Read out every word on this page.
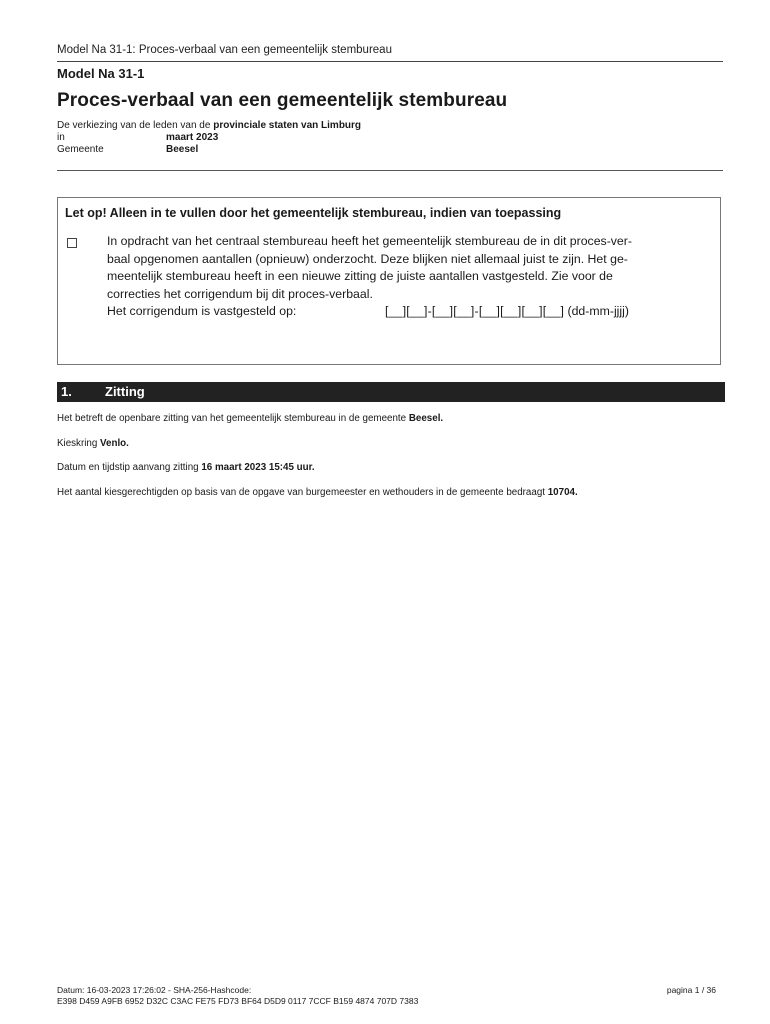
Model Na 31-1: Proces-verbaal van een gemeentelijk stembureau
Model Na 31-1
Proces-verbaal van een gemeentelijk stembureau
De verkiezing van de leden van de provinciale staten van Limburg
in	maart 2023
Gemeente	Beesel
Let op! Alleen in te vullen door het gemeentelijk stembureau, indien van toepassing
In opdracht van het centraal stembureau heeft het gemeentelijk stembureau de in dit proces-ver-
baal opgenomen aantallen (opnieuw) onderzocht. Deze blijken niet allemaal juist te zijn. Het ge-
meentelijk stembureau heeft in een nieuwe zitting de juiste aantallen vastgesteld. Zie voor de
correcties het corrigendum bij dit proces-verbaal.
Het corrigendum is vastgesteld op:	[__][__]-[__][__]-[__][__][__][__] (dd-mm-jjjj)
1.	Zitting
Het betreft de openbare zitting van het gemeentelijk stembureau in de gemeente Beesel.
Kieskring Venlo.
Datum en tijdstip aanvang zitting 16 maart 2023 15:45 uur.
Het aantal kiesgerechtigden op basis van de opgave van burgemeester en wethouders in de gemeente bedraagt 10704.
Datum: 16-03-2023 17:26:02 - SHA-256-Hashcode:
E398 D459 A9FB 6952 D32C C3AC FE75 FD73 BF64 D5D9 0117 7CCF B159 4874 707D 7383
pagina 1 / 36
